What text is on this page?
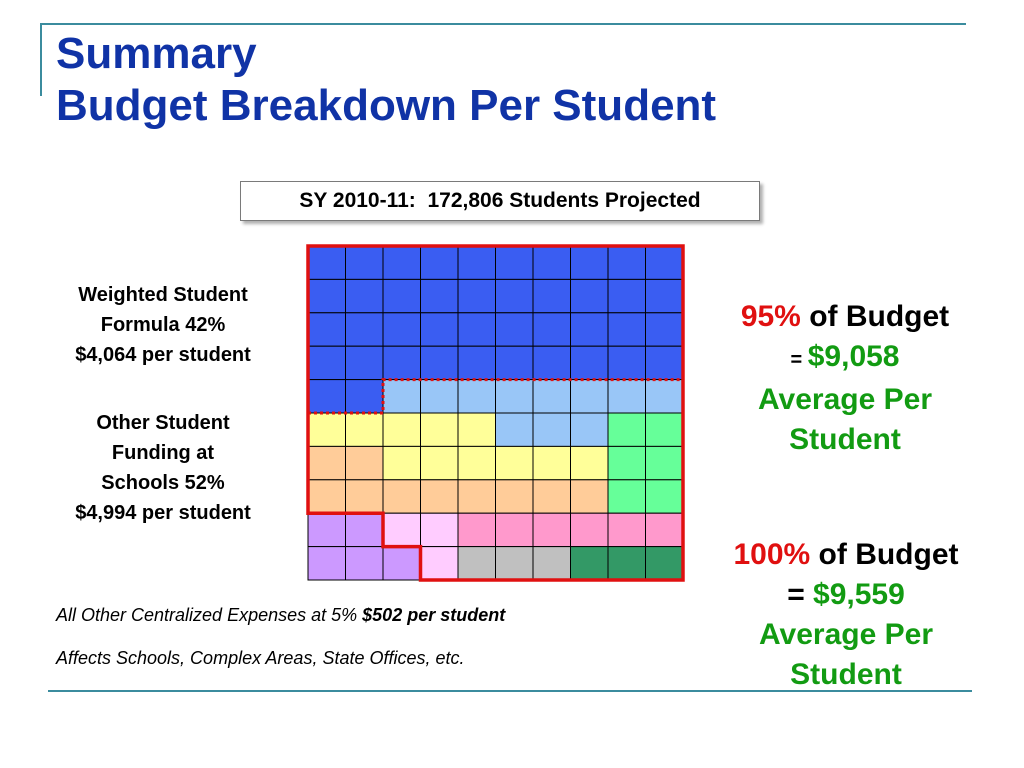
Summary
Budget Breakdown Per Student
SY 2010-11:  172,806 Students Projected
Weighted Student
Formula 42%
$4,064 per student
Other Student
Funding at
Schools 52%
$4,994 per student
All Other Centralized Expenses at 5% $502 per student
Affects Schools, Complex Areas, State Offices, etc.
95% of Budget
= $9,058
Average Per
Student
100% of Budget
= $9,559
Average Per
Student
